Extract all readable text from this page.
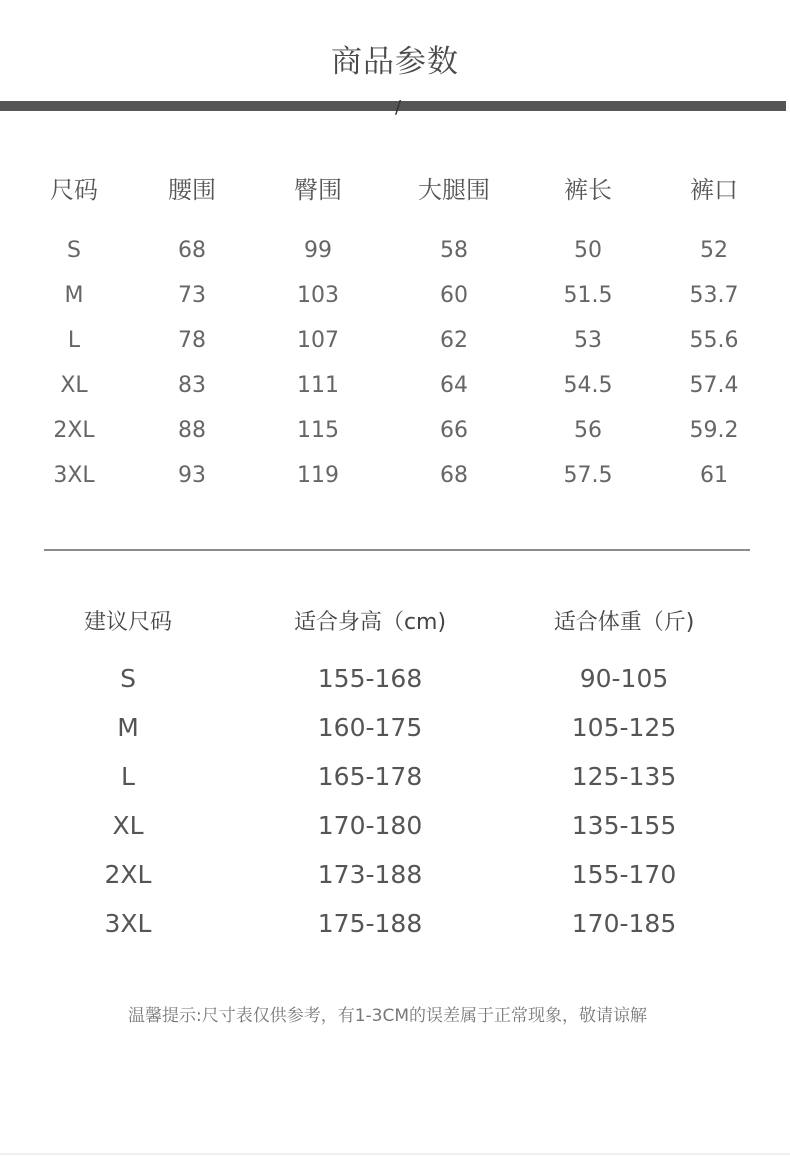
商品参数
/
尺码	腰围	臀围	大腿围	裤长	裤口
S	68	99	58	50	52
M	73	103	60	51.5	53.7
L	78	107	62	53	55.6
XL	83	111	64	54.5	57.4
2XL	88	115	66	56	59.2
3XL	93	119	68	57.5	61
建议尺码	适合身高（cm)	适合体重（斤)
S	155-168	90-105
M	160-175	105-125
L	165-178	125-135
XL	170-180	135-155
2XL	173-188	155-170
3XL	175-188	170-185
温馨提示:尺寸表仅供参考，有1-3CM的误差属于正常现象，敬请谅解
